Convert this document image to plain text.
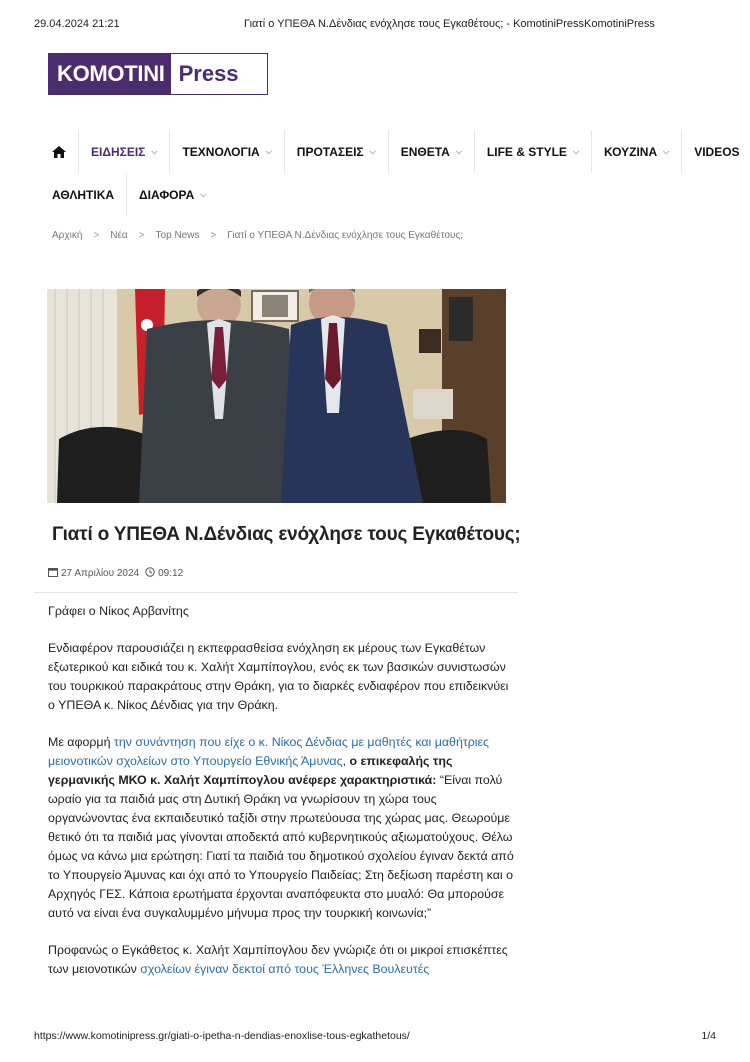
29.04.2024 21:21	Γιατί ο ΥΠΕΘΑ Ν.Δένδιας ενόχλησε τους Εγκαθέτους; - KomotiniPressKomotiniPress
KOMOTINI Press
ΕΙΔΗΣΕΙΣ ⌵ ΤΕΧΝΟΛΟΓΙΑ ⌵ ΠΡΟΤΑΣΕΙΣ ⌵ ΕΝΘΕΤΑ ⌵ LIFE & STYLE ⌵ ΚΟΥΖΙΝΑ ⌵ VIDEOS
ΑΘΛΗΤΙΚΑ ΔΙΑΦΟΡΑ ⌵
Αρχική > Νέα > Top News > Γιατί ο ΥΠΕΘΑ Ν.Δένδιας ενόχλησε τους Εγκαθέτους;
Γιατί ο ΥΠΕΘΑ Ν.Δένδιας ενόχλησε τους Εγκαθέτους;
27 Απριλίου 2024 09:12

Γράφει ο Νίκος Αρβανίτης

Ενδιαφέρον παρουσιάζει η εκπεφρασθείσα ενόχληση εκ μέρους των Εγκαθέτων εξωτερικού και ειδικά του κ. Χαλήτ Χαμπίπογλου, ενός εκ των βασικών συνιστωσών του τουρκικού παρακράτους στην Θράκη, για το διαρκές ενδιαφέρον που επιδεικνύει ο ΥΠΕΘΑ κ. Νίκος Δένδιας για την Θράκη.

Με αφορμή την συνάντηση που είχε ο κ. Νίκος Δένδιας με μαθητές και μαθήτριες μειονοτικών σχολείων στο Υπουργείο Εθνικής Άμυνας, ο επικεφαλής της γερμανικής ΜΚΟ κ. Χαλήτ Χαμπίπογλου ανέφερε χαρακτηριστικά: “Είναι πολύ ωραίο για τα παιδιά μας στη Δυτική Θράκη να γνωρίσουν τη χώρα τους οργανώνοντας ένα εκπαιδευτικό ταξίδι στην πρωτεύουσα της χώρας μας. Θεωρούμε θετικό ότι τα παιδιά μας γίνονται αποδεκτά από κυβερνητικούς αξιωματούχους. Θέλω όμως να κάνω μια ερώτηση: Γιατί τα παιδιά του δημοτικού σχολείου έγιναν δεκτά από το Υπουργείο Άμυνας και όχι από το Υπουργείο Παιδείας; Στη δεξίωση παρέστη και ο Αρχηγός ΓΕΣ. Κάποια ερωτήματα έρχονται αναπόφευκτα στο μυαλό: Θα μπορούσε αυτό να είναι ένα συγκαλυμμένο μήνυμα προς την τουρκική κοινωνία;”

Προφανώς ο Εγκάθετος κ. Χαλήτ Χαμπίπογλου δεν γνώριζε ότι οι μικροί επισκέπτες των μειονοτικών σχολείων έγιναν δεκτοί από τους Έλληνες Βουλευτές

https://www.komotinipress.gr/giati-o-ipetha-n-dendias-enoxlise-tous-egkathetous/	1/4
